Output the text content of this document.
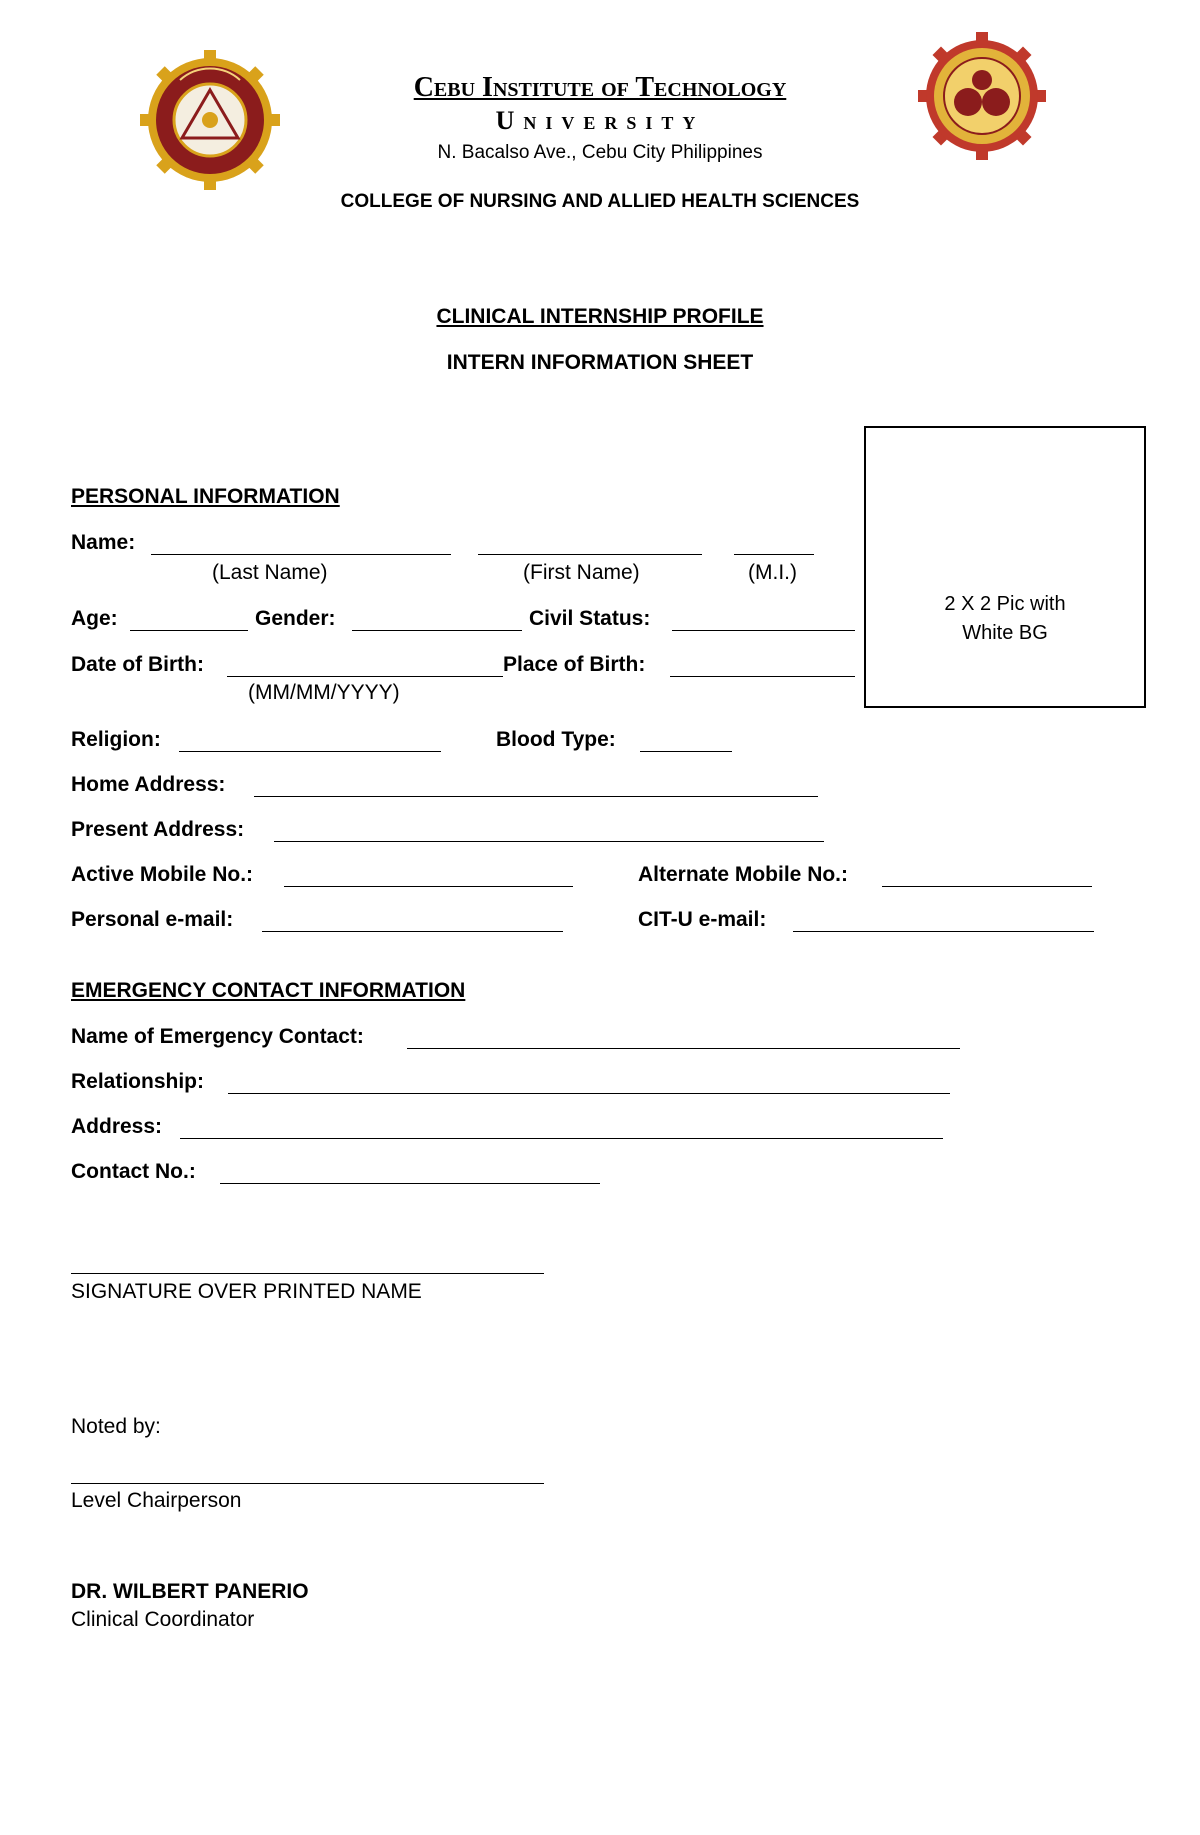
Cebu Institute of Technology
University
N. Bacalso Ave., Cebu City Philippines
COLLEGE OF NURSING AND ALLIED HEALTH SCIENCES
CLINICAL INTERNSHIP PROFILE
INTERN INFORMATION SHEET
2 X 2 Pic with
White BG
PERSONAL INFORMATION
Name:
(Last Name)	(First Name)	(M.I.)
Age:	Gender:	Civil Status:
Date of Birth:	Place of Birth:
(MM/MM/YYYY)
Religion:	Blood Type:
Home Address:
Present Address:
Active Mobile No.:	Alternate Mobile No.:
Personal e-mail:	CIT-U e-mail:
EMERGENCY CONTACT INFORMATION
Name of Emergency Contact:
Relationship:
Address:
Contact No.:
SIGNATURE OVER PRINTED NAME
Noted by:
Level Chairperson
DR. WILBERT PANERIO
Clinical Coordinator
